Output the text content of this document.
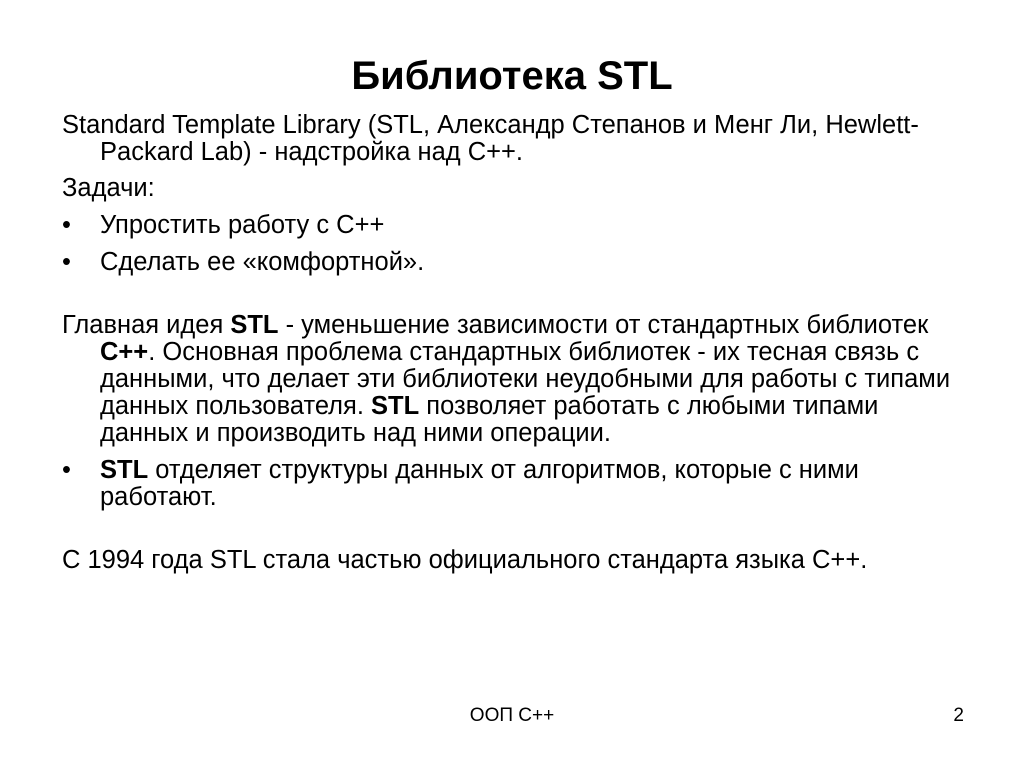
Библиотека STL

Standard Template Library (STL, Александр Степанов и Менг Ли, Hewlett-Packard Lab) - надстройка над C++.

Задачи:

•	Упростить работу с C++

•	Сделать ее «комфортной».

Главная идея STL - уменьшение зависимости от стандартных библиотек C++. Основная проблема стандартных библиотек - их тесная связь с данными, что делает эти библиотеки неудобными для работы с типами данных пользователя. STL позволяет работать с любыми типами данных и производить над ними операции.

•	STL отделяет структуры данных от алгоритмов, которые с ними работают.

С 1994 года STL стала частью официального стандарта языка C++.

ООП C++	2
